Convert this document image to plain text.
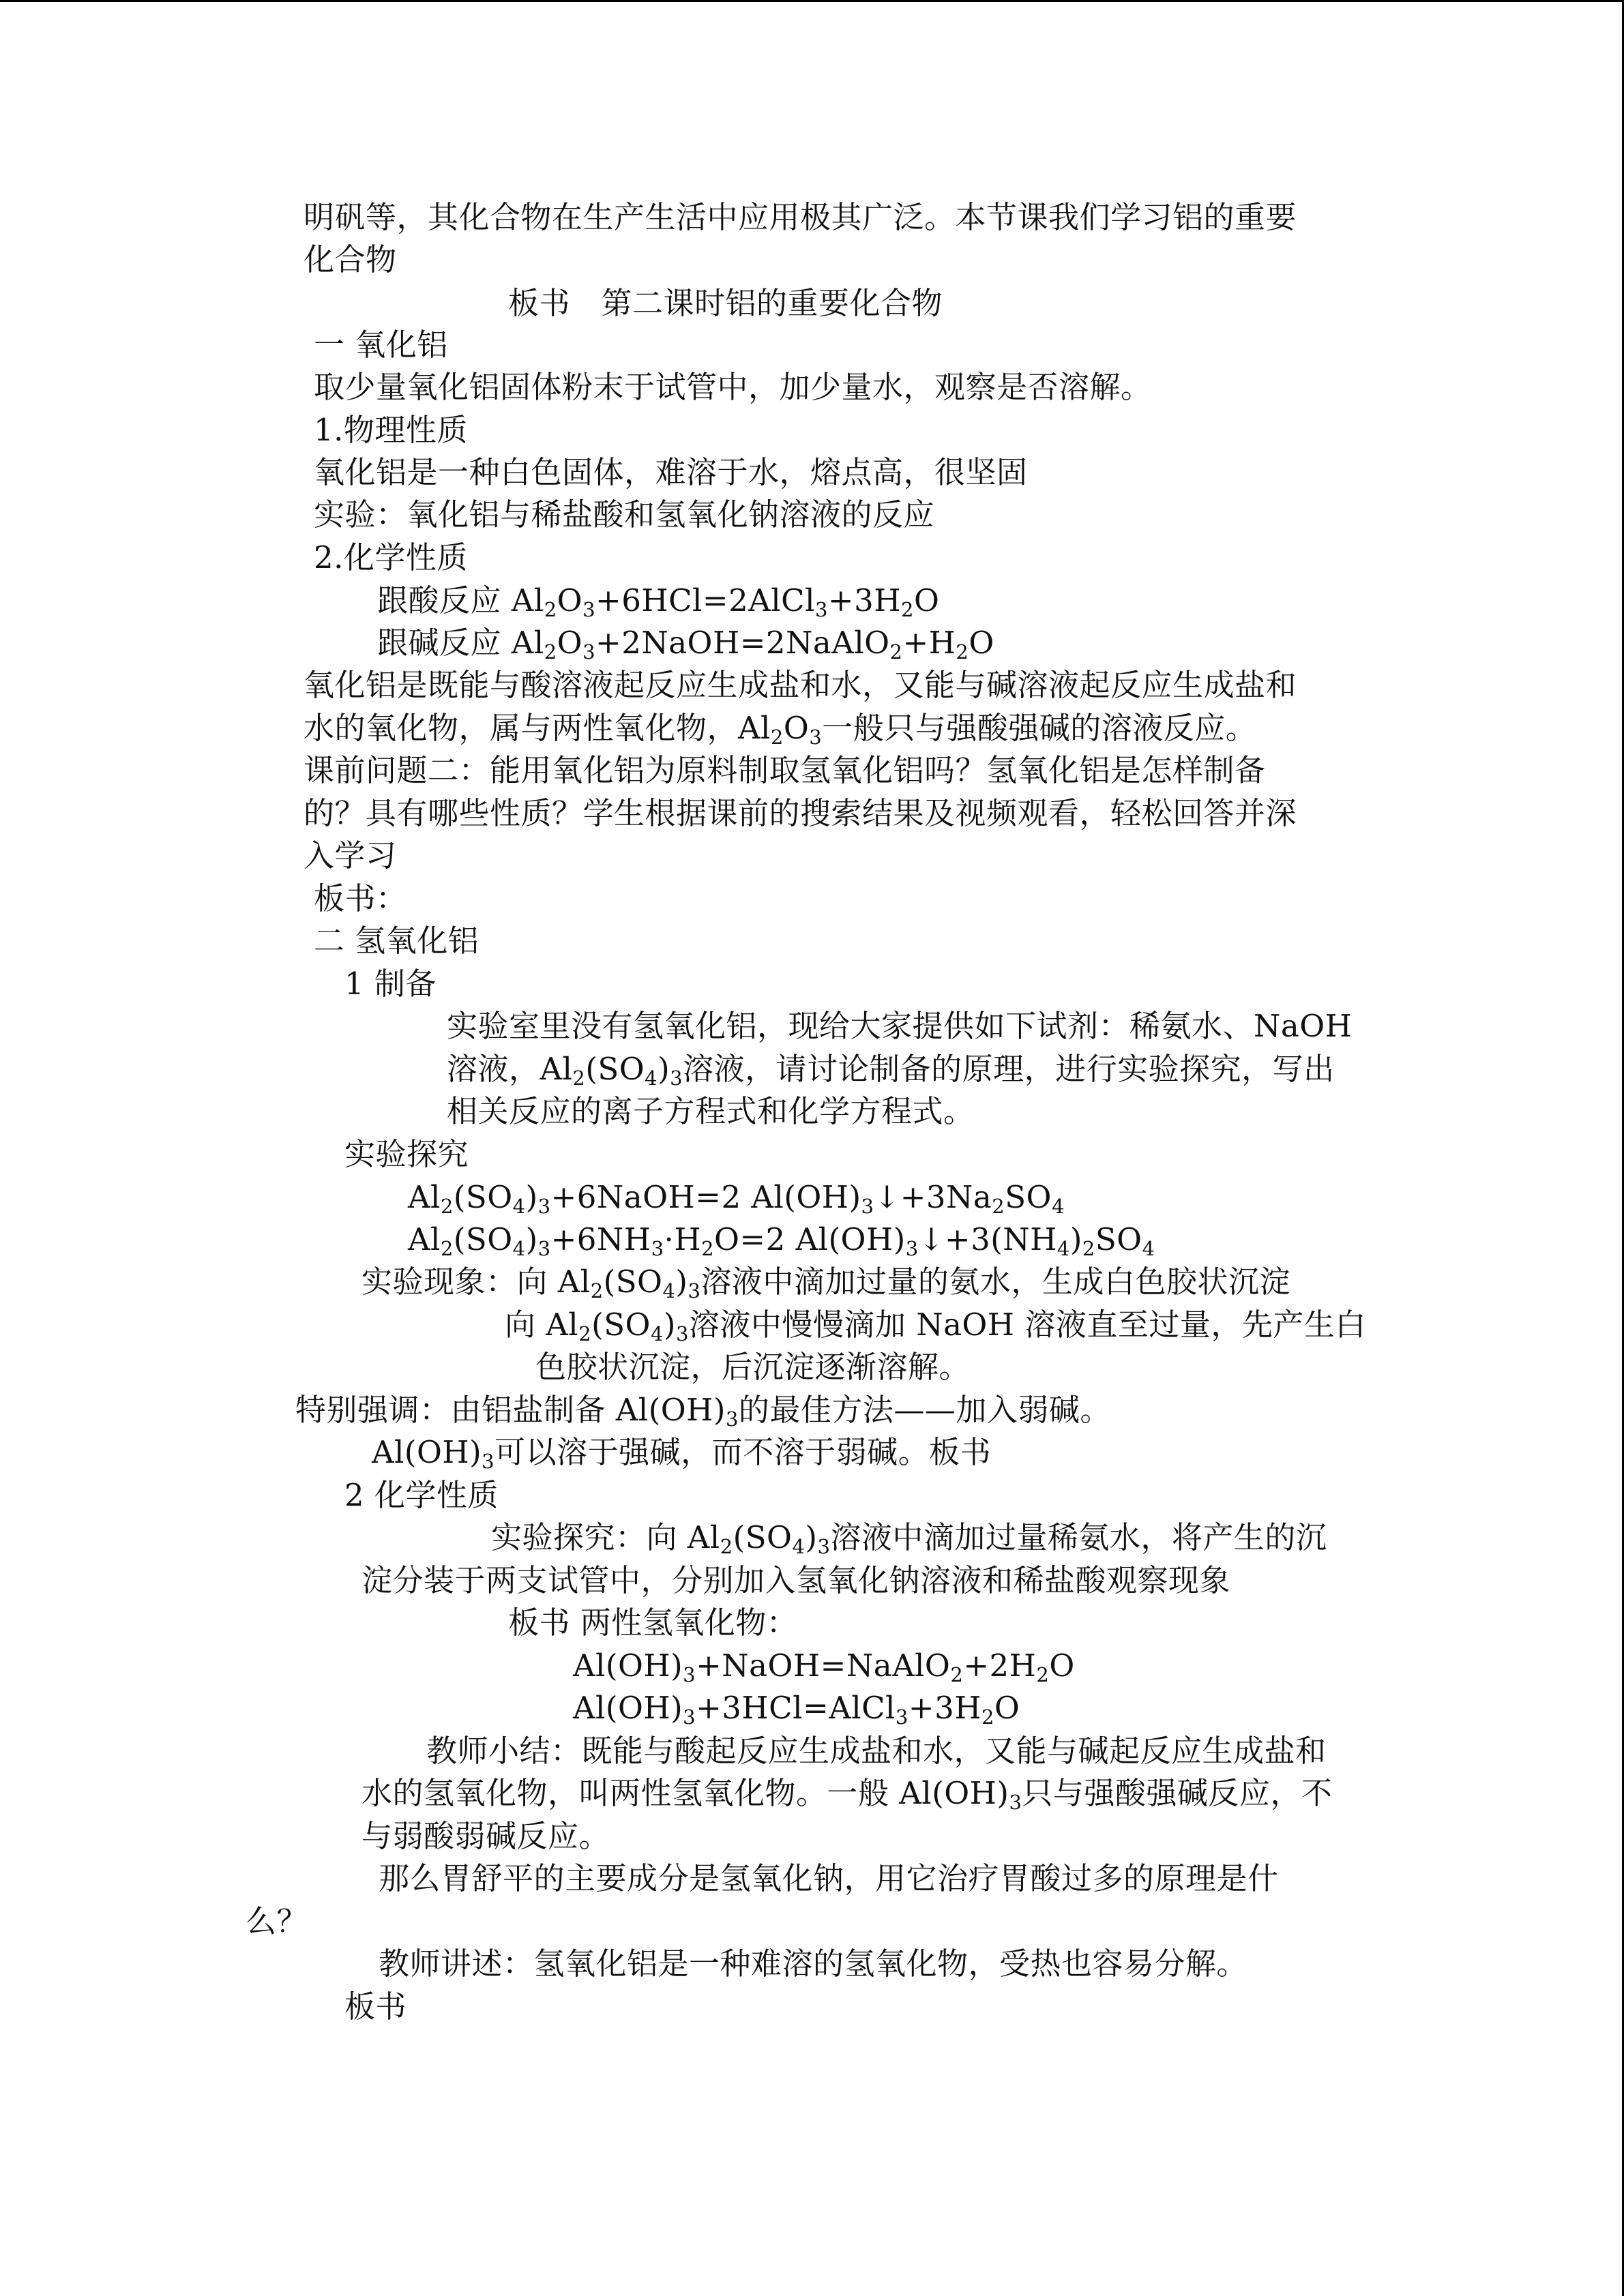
明矾等，其化合物在生产生活中应用极其广泛。本节课我们学习铝的重要
化合物
板书　第二课时铝的重要化合物
一 氧化铝
取少量氧化铝固体粉末于试管中，加少量水，观察是否溶解。
1.物理性质
氧化铝是一种白色固体，难溶于水，熔点高，很坚固
实验：氧化铝与稀盐酸和氢氧化钠溶液的反应
2.化学性质
跟酸反应 $Al_2O_3+6HCl=2AlCl_3+3H_2O$
跟碱反应 $Al_2O_3+2NaOH=2NaAlO_2+H_2O$
氧化铝是既能与酸溶液起反应生成盐和水，又能与碱溶液起反应生成盐和
水的氧化物，属与两性氧化物，$Al_2O_3$一般只与强酸强碱的溶液反应。
课前问题二：能用氧化铝为原料制取氢氧化铝吗？氢氧化铝是怎样制备
的？具有哪些性质？学生根据课前的搜索结果及视频观看，轻松回答并深
入学习
板书：
二 氢氧化铝
1 制备
实验室里没有氢氧化铝，现给大家提供如下试剂：稀氨水、NaOH
溶液，$Al_2(SO_4)_3$溶液，请讨论制备的原理，进行实验探究，写出
相关反应的离子方程式和化学方程式。
实验探究
$Al_2(SO_4)_3+6NaOH=2$ $Al(OH)_3↓+3Na_2SO_4$
$Al_2(SO_4)_3+6NH_3\cdot H_2O=2$ $Al(OH)_3↓+3(NH_4)_2SO_4$
实验现象：向 $Al_2(SO_4)_3$溶液中滴加过量的氨水，生成白色胶状沉淀
向 $Al_2(SO_4)_3$溶液中慢慢滴加 NaOH 溶液直至过量，先产生白
色胶状沉淀，后沉淀逐渐溶解。
特别强调：由铝盐制备 $Al(OH)_3$的最佳方法——加入弱碱。
$Al(OH)_3$可以溶于强碱，而不溶于弱碱。板书
2 化学性质
实验探究：向 $Al_2(SO_4)_3$溶液中滴加过量稀氨水，将产生的沉
淀分装于两支试管中，分别加入氢氧化钠溶液和稀盐酸观察现象
板书 两性氢氧化物：
$Al(OH)_3+NaOH=NaAlO_2+2H_2O$
$Al(OH)_3+3HCl=AlCl_3+3H_2O$
教师小结：既能与酸起反应生成盐和水，又能与碱起反应生成盐和
水的氢氧化物，叫两性氢氧化物。一般 $Al(OH)_3$只与强酸强碱反应，不
与弱酸弱碱反应。
那么胃舒平的主要成分是氢氧化钠，用它治疗胃酸过多的原理是什
么？
教师讲述：氢氧化铝是一种难溶的氢氧化物，受热也容易分解。
板书
